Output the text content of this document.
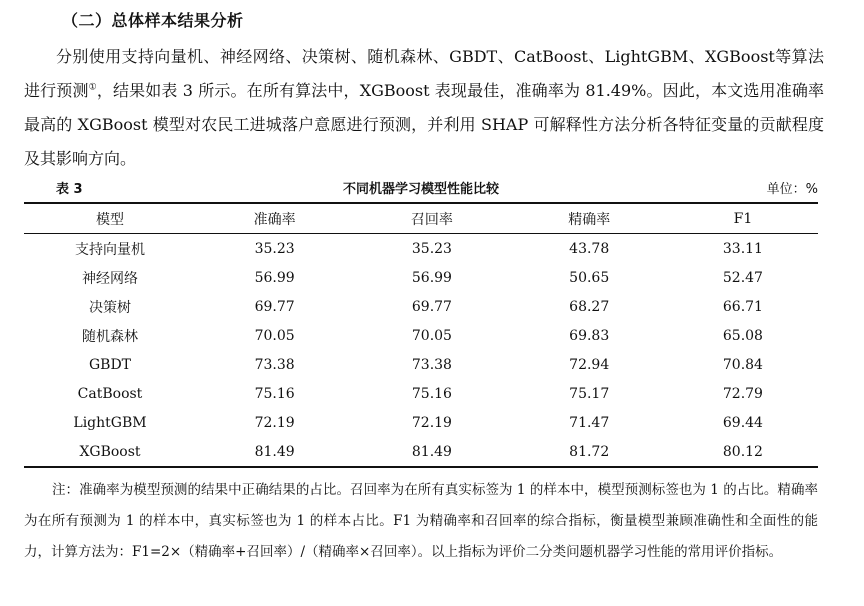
（二）总体样本结果分析
分别使用支持向量机、神经网络、决策树、随机森林、GBDT、CatBoost、LightGBM、XGBoost等算法进行预测①，结果如表 3 所示。在所有算法中，XGBoost 表现最佳，准确率为 81.49%。因此，本文选用准确率最高的 XGBoost 模型对农民工进城落户意愿进行预测，并利用 SHAP 可解释性方法分析各特征变量的贡献程度及其影响方向。
表 3	不同机器学习模型性能比较	单位：%
模型	准确率	召回率	精确率	F1
支持向量机	35.23	35.23	43.78	33.11
神经网络	56.99	56.99	50.65	52.47
决策树	69.77	69.77	68.27	66.71
随机森林	70.05	70.05	69.83	65.08
GBDT	73.38	73.38	72.94	70.84
CatBoost	75.16	75.16	75.17	72.79
LightGBM	72.19	72.19	71.47	69.44
XGBoost	81.49	81.49	81.72	80.12
注：准确率为模型预测的结果中正确结果的占比。召回率为在所有真实标签为 1 的样本中，模型预测标签也为 1 的占比。精确率为在所有预测为 1 的样本中，真实标签也为 1 的样本占比。F1 为精确率和召回率的综合指标，衡量模型兼顾准确性和全面性的能力，计算方法为：F1=2×（精确率+召回率）/（精确率×召回率）。以上指标为评价二分类问题机器学习性能的常用评价指标。
